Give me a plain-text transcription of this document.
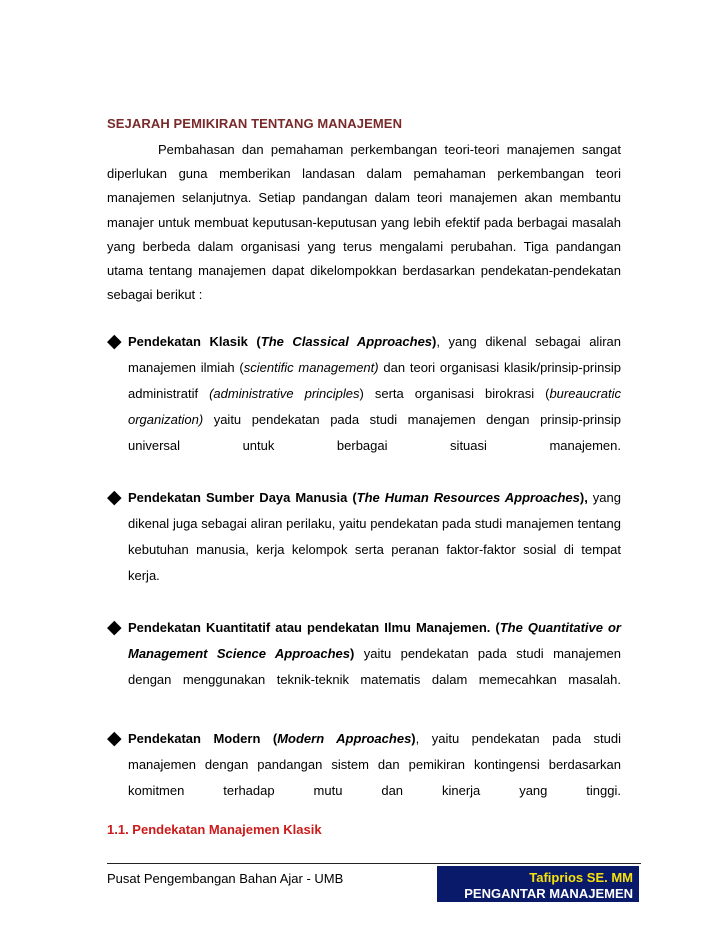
SEJARAH PEMIKIRAN TENTANG MANAJEMEN

Pembahasan dan pemahaman perkembangan teori-teori manajemen sangat diperlukan guna memberikan landasan dalam pemahaman perkembangan teori manajemen selanjutnya. Setiap pandangan dalam teori manajemen akan membantu manajer untuk membuat keputusan-keputusan yang lebih efektif pada berbagai masalah yang berbeda dalam organisasi yang terus mengalami perubahan. Tiga pandangan utama tentang manajemen dapat dikelompokkan berdasarkan pendekatan-pendekatan sebagai berikut :

◆ Pendekatan Klasik (The Classical Approaches), yang dikenal sebagai aliran manajemen ilmiah (scientific management) dan teori organisasi klasik/prinsip-prinsip administratif (administrative principles) serta organisasi birokrasi (bureaucratic organization) yaitu pendekatan pada studi manajemen dengan prinsip-prinsip universal untuk berbagai situasi manajemen.
◆ Pendekatan Sumber Daya Manusia (The Human Resources Approaches), yang dikenal juga sebagai aliran perilaku, yaitu pendekatan pada studi manajemen tentang kebutuhan manusia, kerja kelompok serta peranan faktor-faktor sosial di tempat kerja.
◆ Pendekatan Kuantitatif atau pendekatan Ilmu Manajemen. (The Quantitative or Management Science Approaches) yaitu pendekatan pada studi manajemen dengan menggunakan teknik-teknik matematis dalam memecahkan masalah.
◆ Pendekatan Modern (Modern Approaches), yaitu pendekatan pada studi manajemen dengan pandangan sistem dan pemikiran kontingensi berdasarkan komitmen terhadap mutu dan kinerja yang tinggi.
1.1. Pendekatan Manajemen Klasik
Pusat Pengembangan Bahan Ajar - UMB	Tafiprios SE. MM
PENGANTAR MANAJEMEN
